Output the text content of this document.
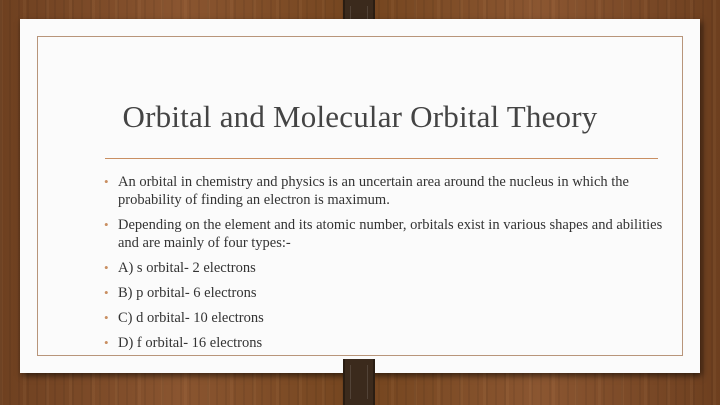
Orbital and Molecular Orbital Theory
• An orbital in chemistry and physics is an uncertain area around the nucleus in which the probability of finding an electron is maximum.
• Depending on the element and its atomic number, orbitals exist in various shapes and abilities and are mainly of four types:-
• A) s orbital- 2 electrons
• B) p orbital- 6 electrons
• C) d orbital- 10 electrons
• D) f orbital- 16 electrons
